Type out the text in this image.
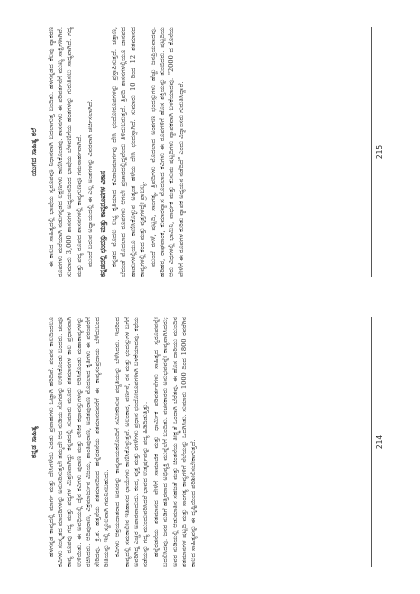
ಕನ್ನಡ ಸಾಹಿತ್ಯ ಹಳಗನ್ನಡ ಕಾವ್ಯದಲ್ಲಿ ಮಾರ್ಗ ಮತ್ತು ದೇಸಿಗಳೆಂಬ ಎರಡು ಪ್ರವಾಹಗಳು ಒಟ್ಟಾಗಿ ಹರಿದಿವೆ. ಪಂಪನ ಕಾಲದಿಂದಲೂ ಕವಿಗಳು ಸಂಸ್ಕೃತದ ಮಾದರಿಗಳನ್ನು ಅನುಸರಿಸುತ್ತಲೇ ತಮ್ಮದೇ ಆದ ನುಡಿಯ ಸೊಗಡನ್ನು ಉಳಿಸಿಕೊಂಡು ಬಂದರು. ಚಂಪೂ ಕಾವ್ಯ ರೂಪವು ಗದ್ಯ ಮತ್ತು ಪದ್ಯಗಳ ಮಿಶ್ರಣವಾಗಿದ್ದು ಕನ್ನಡದಲ್ಲಿ ಸುಮಾರು ಮೂರು ಶತಮಾನಗಳ ಕಾಲ ಪ್ರಧಾನವಾಗಿ ಉಳಿಯಿತು. ಈ ಅವಧಿಯಲ್ಲಿ ಜೈನ ಕವಿಗಳು ಪುರಾಣ ಮತ್ತು ಲೌಕಿಕ ಕಥಾವಸ್ತುಗಳನ್ನು ಆರಿಸಿಕೊಂಡು ಮಹಾಕಾವ್ಯಗಳನ್ನು ರಚಿಸಿದರು. ಆದಿಪುರಾಣ, ವಿಕ್ರಮಾರ್ಜುನ ವಿಜಯ, ಶಾಂತಿಪುರಾಣ, ಅಜಿತಪುರಾಣ ಮೊದಲಾದ ಕೃತಿಗಳು ಈ ಪರಂಪರೆಗೆ ಸೇರಿದವು. ಕ್ರಿ.ಶ. ಹತ್ತನೆಯ ಶತಮಾನದಿಂದ ಹನ್ನೆರಡನೆಯ ಶತಮಾನದವರೆಗೆ ಈ ಕಾವ್ಯಸಂಪ್ರದಾಯ ಬೆಳೆದುಬಂದ ರೀತಿಯನ್ನು ಇಲ್ಲಿ ಸ್ಥೂಲವಾಗಿ ಗಮನಿಸಬಹುದು. ಕವಿಗಳು ಆಶ್ರಯದಾತರಾದ ಅರಸರನ್ನು ಕಾವ್ಯನಾಯಕರೊಂದಿಗೆ ಸಮೀಕರಿಸುವ ಪದ್ಧತಿಯನ್ನು ಬೆಳೆಸಿದರು. ಇದರಿಂದ ಕಾವ್ಯದಲ್ಲಿ ಸಮಕಾಲೀನ ಇತಿಹಾಸದ ಛಾಯೆಗಳು ಕಾಣಿಸಿಕೊಳ್ಳುತ್ತವೆ. ಅಲಂಕಾರ, ವರ್ಣನೆ, ರಸ ಮತ್ತು ಛಂದಸ್ಸುಗಳ ಬಗೆಗೆ ಅವರಿಗಿದ್ದ ಎಚ್ಚರ ಅಪಾರವಾದುದು. ಕಂದ, ವೃತ್ತ ಮತ್ತು ರಗಳೆಗಳು ಪ್ರಧಾನ ಛಂದೋರೂಪಗಳಾಗಿ ಬಳಕೆಯಾದವು. ಕಥೆಯ ನಡೆಯನ್ನು ಗದ್ಯ ಮುಂದುವರಿಸಿದರೆ ಭಾವದ ಉತ್ಕರ್ಷವನ್ನು ಪದ್ಯ ಹಿಡಿದಿಡುತ್ತಿತ್ತು. ಹನ್ನೆರಡನೆಯ ಶತಮಾನದ ವೇಳೆಗೆ ಸಾಮಾಜಿಕ ಮತ್ತು ಧಾರ್ಮಿಕ ಪರಿವರ್ತನೆಗಳು ಸಾಹಿತ್ಯದ ಸ್ವರೂಪವನ್ನೇ ಬದಲಿಸಿದವು. ಜನರ ನುಡಿಗೆ ಹತ್ತಿರವಾದ ಅಭಿವ್ಯಕ್ತಿ ಮುನ್ನೆಲೆಗೆ ಬಂದಿತು. ವಚನಕಾರರು ಅನುಭವವನ್ನೇ ಕಾವ್ಯವಾಗಿಸಿದರು; ಅವರ ನುಡಿಯಲ್ಲಿ ಆಡುಮಾತಿನ ಸಹಜತೆ ಮತ್ತು ಚಿಂತನೆಯ ತೀಕ್ಷ್ಣತೆ ಒಂದಾಗಿ ಬೆರೆತವು. ಈ ಹೊಸ ದಾರಿಯು ಮುಂದಿನ ಶತಮಾನಗಳ ಷಟ್ಪದಿ ಮತ್ತು ಸಾಂಗತ್ಯ ಕಾವ್ಯಗಳಿಗೆ ನೆಲೆಯನ್ನು ಒದಗಿಸಿತು. ಸುಮಾರು 1000 ದಿಂದ 1800 ರವರೆಗಿನ ಕಾಲದ ಸಾಹಿತ್ಯವನ್ನು ಈ ದೃಷ್ಟಿಯಿಂದ ಪರಿಶೀಲಿಸಬೇಕಾಗುತ್ತದೆ.	214
ಯುಗದ ಸಾಹಿತ್ಯ ಕಲೆ ಈ ಕಾಲದ ಸಾಹಿತ್ಯದಲ್ಲಿ ಭಾಷೆಯ ಸ್ವರೂಪವೂ ನಿಧಾನವಾಗಿ ಬದಲಾಗುತ್ತ ಬಂದಿತು. ಹಳಗನ್ನಡದ ಕೆಲವು ವ್ಯಾಕರಣ ರೂಪಗಳು ಮರೆಯಾಗಿ ನಡುಗನ್ನಡದ ಲಕ್ಷಣಗಳು ಕಾಣಿಸಿಕೊಂಡವು. ಶಾಸನಗಳು ಈ ಪರಿವರ್ತನೆಗೆ ಮುಖ್ಯ ಸಾಕ್ಷಿಗಳಾಗಿವೆ. ಸುಮಾರು 3,000 ಶಾಸನಗಳ ಅಧ್ಯಯನದಿಂದ ಭಾಷೆಯ ಬೆಳವಣಿಗೆಯ ಹಂತಗಳನ್ನು ಗುರುತಿಸಲು ಸಾಧ್ಯವಾಗಿದೆ. ಗದ್ಯ ಮತ್ತು ಪದ್ಯ ರೂಪದ ಶಾಸನಗಳಲ್ಲಿ ಕಾವ್ಯಗುಣವೂ ಗಮನಾರ್ಹವಾಗಿದೆ. ಮುಂದೆ ಬರುವ ಅಧ್ಯಾಯದಲ್ಲಿ ಈ ಎಲ್ಲ ಅಂಶಗಳನ್ನು ವಿವರವಾಗಿ ಚರ್ಚಿಸಲಾಗಿದೆ. ಕನ್ನಡದಲ್ಲಿ ಛಂದಸ್ಸು ಮತ್ತು ಕಾವ್ಯರೂಪಗಳ ವಿಕಾಸ ಕನ್ನಡದ ಮೊದಲ ಲಭ್ಯ ಕೃತಿಯಾದ ಕವಿರಾಜಮಾರ್ಗವು ದೇಸಿ ಛಂದೋರೂಪಗಳನ್ನು ಪ್ರಸ್ತಾಪಿಸುತ್ತದೆ. ಚತ್ತಾಣ, ಬೆದಂಡೆ ಮೊದಲಾದ ರೂಪಗಳು ಆಗಲೇ ಪ್ರಚಾರದಲ್ಲಿದ್ದವೆಂದು ತಿಳಿದುಬರುತ್ತದೆ. ತ್ರಿಪದಿ ಶಾಸನಗಳಲ್ಲಿಯೂ ಜಾನಪದ ಹಾಡುಗಳಲ್ಲಿಯೂ ಕಾಣಿಸಿಕೊಳ್ಳುವ ಅತ್ಯಂತ ಹಳೆಯ ದೇಸಿ ಛಂದಸ್ಸಾಗಿದೆ. ಸುಮಾರು 10 ರಿಂದ 12 ಶತಮಾನದ ಕಾವ್ಯಗಳಲ್ಲಿ ಕಂದ ಮತ್ತು ವೃತ್ತಗಳದ್ದೇ ಪ್ರಾಬಲ್ಯ. ಮುಂದೆ ರಗಳೆ, ಷಟ್ಪದಿ, ಸಾಂಗತ್ಯ, ತ್ರಿಪದಿಗಳು ಮೊದಲಾದ ಅಂಶಗಣ ಛಂದಸ್ಸುಗಳು ಹೆಚ್ಚು ಜನಪ್ರಿಯವಾದವು. ಹರಿಹರ, ರಾಘವಾಂಕ, ಕುಮಾರವ್ಯಾಸ ಮೊದಲಾದ ಕವಿಗಳು ಈ ರೂಪಗಳಿಗೆ ಹೊಸ ಶಕ್ತಿಯನ್ನು ತುಂಬಿದರು. ಷಟ್ಪದಿಯ ಆರು ವಿಧಗಳಲ್ಲಿ ಭಾಮಿನಿ, ವಾರ್ಧಕ ಮತ್ತು ಕುಸುಮ ಷಟ್ಪದಿಗಳು ವ್ಯಾಪಕವಾಗಿ ಬಳಕೆಯಾದವು. "2000 ದ ಕೊನೆಯ ವೇಳೆಗೆ ಈ ರೂಪಗಳ ಕುರಿತು ವ್ಯಾಪಕ ಅಧ್ಯಯನ ನಡೆದಿದೆ" ಎಂದು ವಿದ್ವಾಂಸರು ಗುರುತಿಸಿದ್ದಾರೆ.	215
